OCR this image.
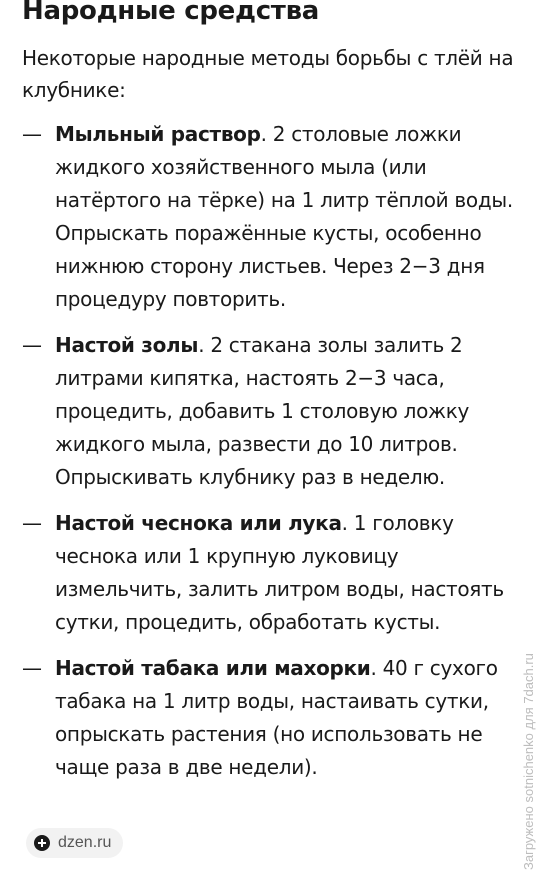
Народные средства

Некоторые народные методы борьбы с тлёй на клубнике:

— Мыльный раствор. 2 столовые ложки жидкого хозяйственного мыла (или натёртого на тёрке) на 1 литр тёплой воды. Опрыскать поражённые кусты, особенно нижнюю сторону листьев. Через 2−3 дня процедуру повторить.
— Настой золы. 2 стакана золы залить 2 литрами кипятка, настоять 2−3 часа, процедить, добавить 1 столовую ложку жидкого мыла, развести до 10 литров. Опрыскивать клубнику раз в неделю.
— Настой чеснока или лука. 1 головку чеснока или 1 крупную луковицу измельчить, залить литром воды, настоять сутки, процедить, обработать кусты.
— Настой табака или махорки. 40 г сухого табака на 1 литр воды, настаивать сутки, опрыскать растения (но использовать не чаще раза в две недели).
dzen.ru	Загружено sotnichenko для 7dach.ru
